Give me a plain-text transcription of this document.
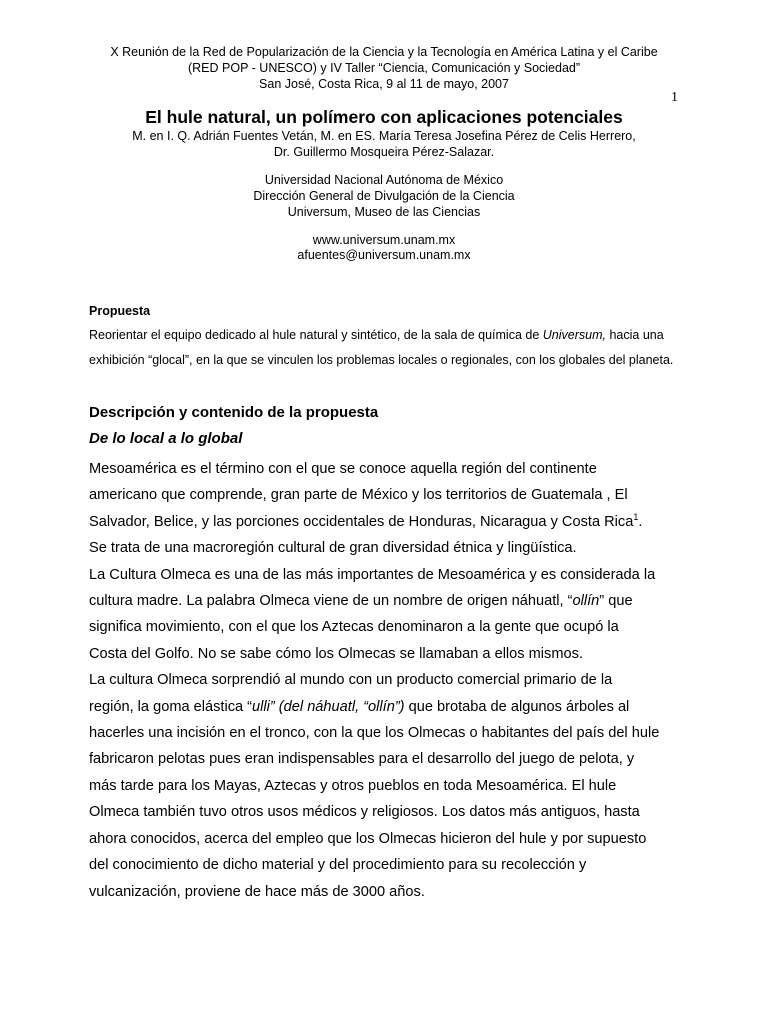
X Reunión de la Red de Popularización de la Ciencia y la Tecnología en América Latina y el Caribe
(RED POP - UNESCO) y IV Taller “Ciencia, Comunicación y Sociedad”
San José, Costa Rica, 9 al 11 de mayo, 2007
1
El hule natural, un polímero con aplicaciones potenciales
M. en I. Q. Adrián Fuentes Vetán, M. en ES. María Teresa Josefina Pérez de Celis Herrero,
Dr. Guillermo Mosqueira Pérez-Salazar.
Universidad Nacional Autónoma de México
Dirección General de Divulgación de la Ciencia
Universum, Museo de las Ciencias
www.universum.unam.mx
afuentes@universum.unam.mx
Propuesta
Reorientar el equipo dedicado al hule natural y sintético, de la sala de química de Universum, hacia una
exhibición “glocal”, en la que se vinculen los problemas locales o regionales, con los globales del planeta.
Descripción y contenido de la propuesta
De lo local a lo global
Mesoamérica es el término con el que se conoce aquella región del continente
americano que comprende, gran parte de México y los territorios de Guatemala , El
Salvador, Belice, y las porciones occidentales de Honduras, Nicaragua y Costa Rica$^1$.
Se trata de una macroregión cultural de gran diversidad étnica y lingüística.
La Cultura Olmeca es una de las más importantes de Mesoamérica y es considerada la
cultura madre. La palabra Olmeca viene de un nombre de origen náhuatl, “ollín” que
significa movimiento, con el que los Aztecas denominaron a la gente que ocupó la
Costa del Golfo. No se sabe cómo los Olmecas se llamaban a ellos mismos.
La cultura Olmeca sorprendió al mundo con un producto comercial primario de la
región, la goma elástica “ulli” (del náhuatl, “ollín”) que brotaba de algunos árboles al
hacerles una incisión en el tronco, con la que los Olmecas o habitantes del país del hule
fabricaron pelotas pues eran indispensables para el desarrollo del juego de pelota, y
más tarde para los Mayas, Aztecas y otros pueblos en toda Mesoamérica. El hule
Olmeca también tuvo otros usos médicos y religiosos. Los datos más antiguos, hasta
ahora conocidos, acerca del empleo que los Olmecas hicieron del hule y por supuesto
del conocimiento de dicho material y del procedimiento para su recolección y
vulcanización, proviene de hace más de 3000 años.
